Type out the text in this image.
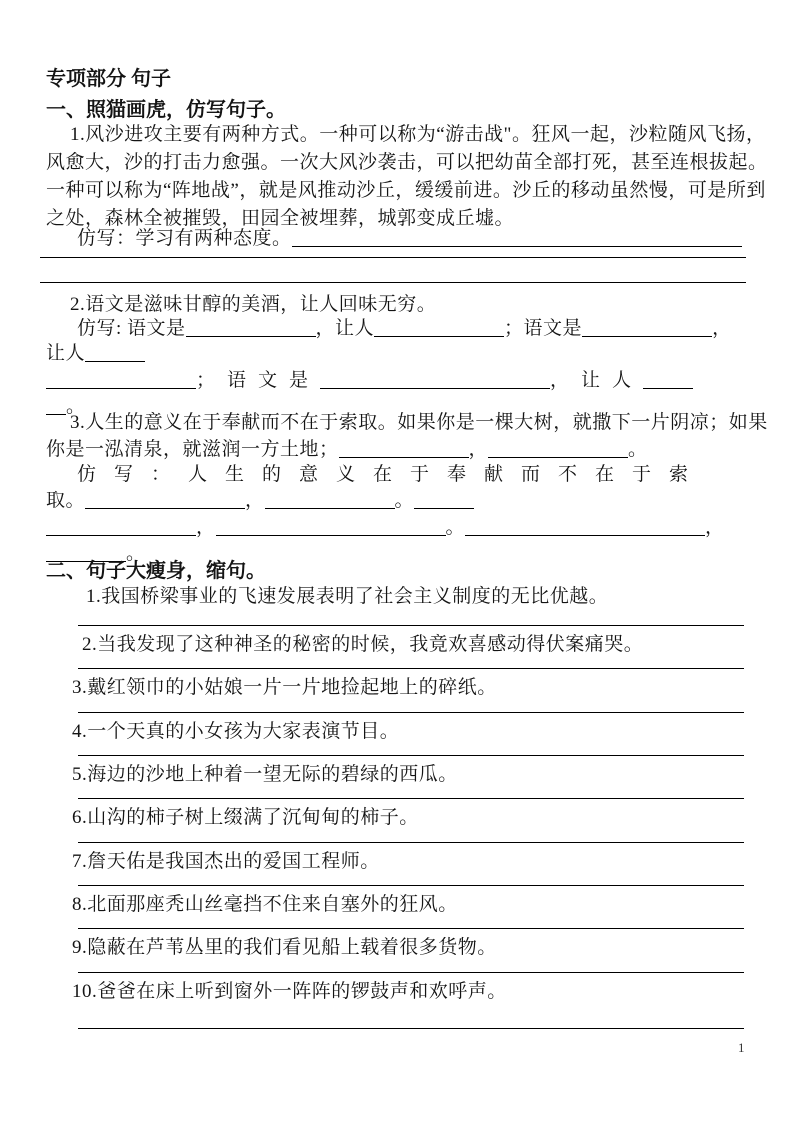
专项部分 句子
一、照猫画虎，仿写句子。
1.风沙进攻主要有两种方式。一种可以称为“游击战"。狂风一起，沙粒随风飞扬，
风愈大，沙的打击力愈强。一次大风沙袭击，可以把幼苗全部打死，甚至连根拔起。
一种可以称为“阵地战”，就是风推动沙丘，缓缓前进。沙丘的移动虽然慢，可是所到
之处，森林全被摧毁，田园全被埋葬，城郭变成丘墟。
仿写：学习有两种态度。
2.语文是滋味甘醇的美酒，让人回味无穷。
仿写: 语文是	，让人	；语文是	，
让人
；语文是	，让人
。
3.人生的意义在于奉献而不在于索取。如果你是一棵大树，就撒下一片阴凉；如果
你是一泓清泉，就滋润一方土地；	，	。
仿写：人生的意义在于奉献而不在于索
取。	，	。
，	。	，
。
二、句子大瘦身，缩句。
1.我国桥梁事业的飞速发展表明了社会主义制度的无比优越。
2.当我发现了这种神圣的秘密的时候，我竟欢喜感动得伏案痛哭。
3.戴红领巾的小姑娘一片一片地捡起地上的碎纸。
4.一个天真的小女孩为大家表演节目。
5.海边的沙地上种着一望无际的碧绿的西瓜。
6.山沟的柿子树上缀满了沉甸甸的柿子。
7.詹天佑是我国杰出的爱国工程师。
8.北面那座秃山丝毫挡不住来自塞外的狂风。
9.隐蔽在芦苇丛里的我们看见船上载着很多货物。
10.爸爸在床上听到窗外一阵阵的锣鼓声和欢呼声。
1
